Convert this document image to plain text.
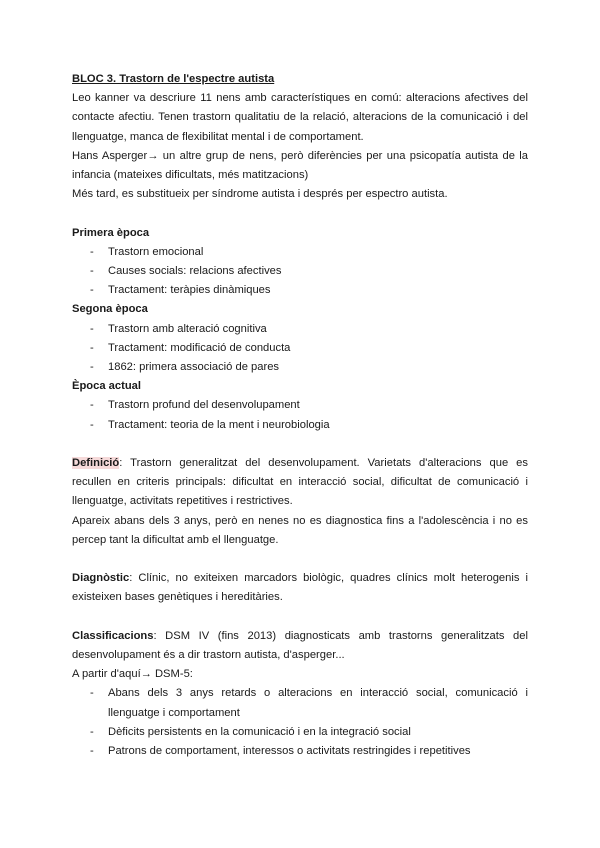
BLOC 3. Trastorn de l'espectre autista

Leo kanner va descriure 11 nens amb característiques en comú: alteracions afectives del contacte afectiu. Tenen trastorn qualitatiu de la relació, alteracions de la comunicació i del llenguatge, manca de flexibilitat mental i de comportament.

Hans Asperger→ un altre grup de nens, però diferències per una psicopatía autista de la infancia (mateixes dificultats, més matitzacions)

Més tard, es substitueix per síndrome autista i després per espectro autista.

Primera època

- Trastorn emocional
- Causes socials: relacions afectives
- Tractament: teràpies dinàmiques

Segona època

- Trastorn amb alteració cognitiva
- Tractament: modificació de conducta
- 1862: primera associació de pares

Època actual

- Trastorn profund del desenvolupament
- Tractament: teoria de la ment i neurobiologia

Definició: Trastorn generalitzat del desenvolupament. Varietats d'alteracions que es recullen en criteris principals: dificultat en interacció social, dificultat de comunicació i llenguatge, activitats repetitives i restrictives.

Apareix abans dels 3 anys, però en nenes no es diagnostica fins a l'adolescència i no es percep tant la dificultat amb el llenguatge.

Diagnòstic: Clínic, no exiteixen marcadors biològic, quadres clínics molt heterogenis i existeixen bases genètiques i hereditàries.

Classificacions: DSM IV (fins 2013) diagnosticats amb trastorns generalitzats del desenvolupament és a dir trastorn autista, d'asperger...

A partir d'aquí→ DSM-5:

- Abans dels 3 anys retards o alteracions en interacció social, comunicació i llenguatge i comportament
- Dèficits persistents en la comunicació i en la integració social
- Patrons de comportament, interessos o activitats restringides i repetitives
